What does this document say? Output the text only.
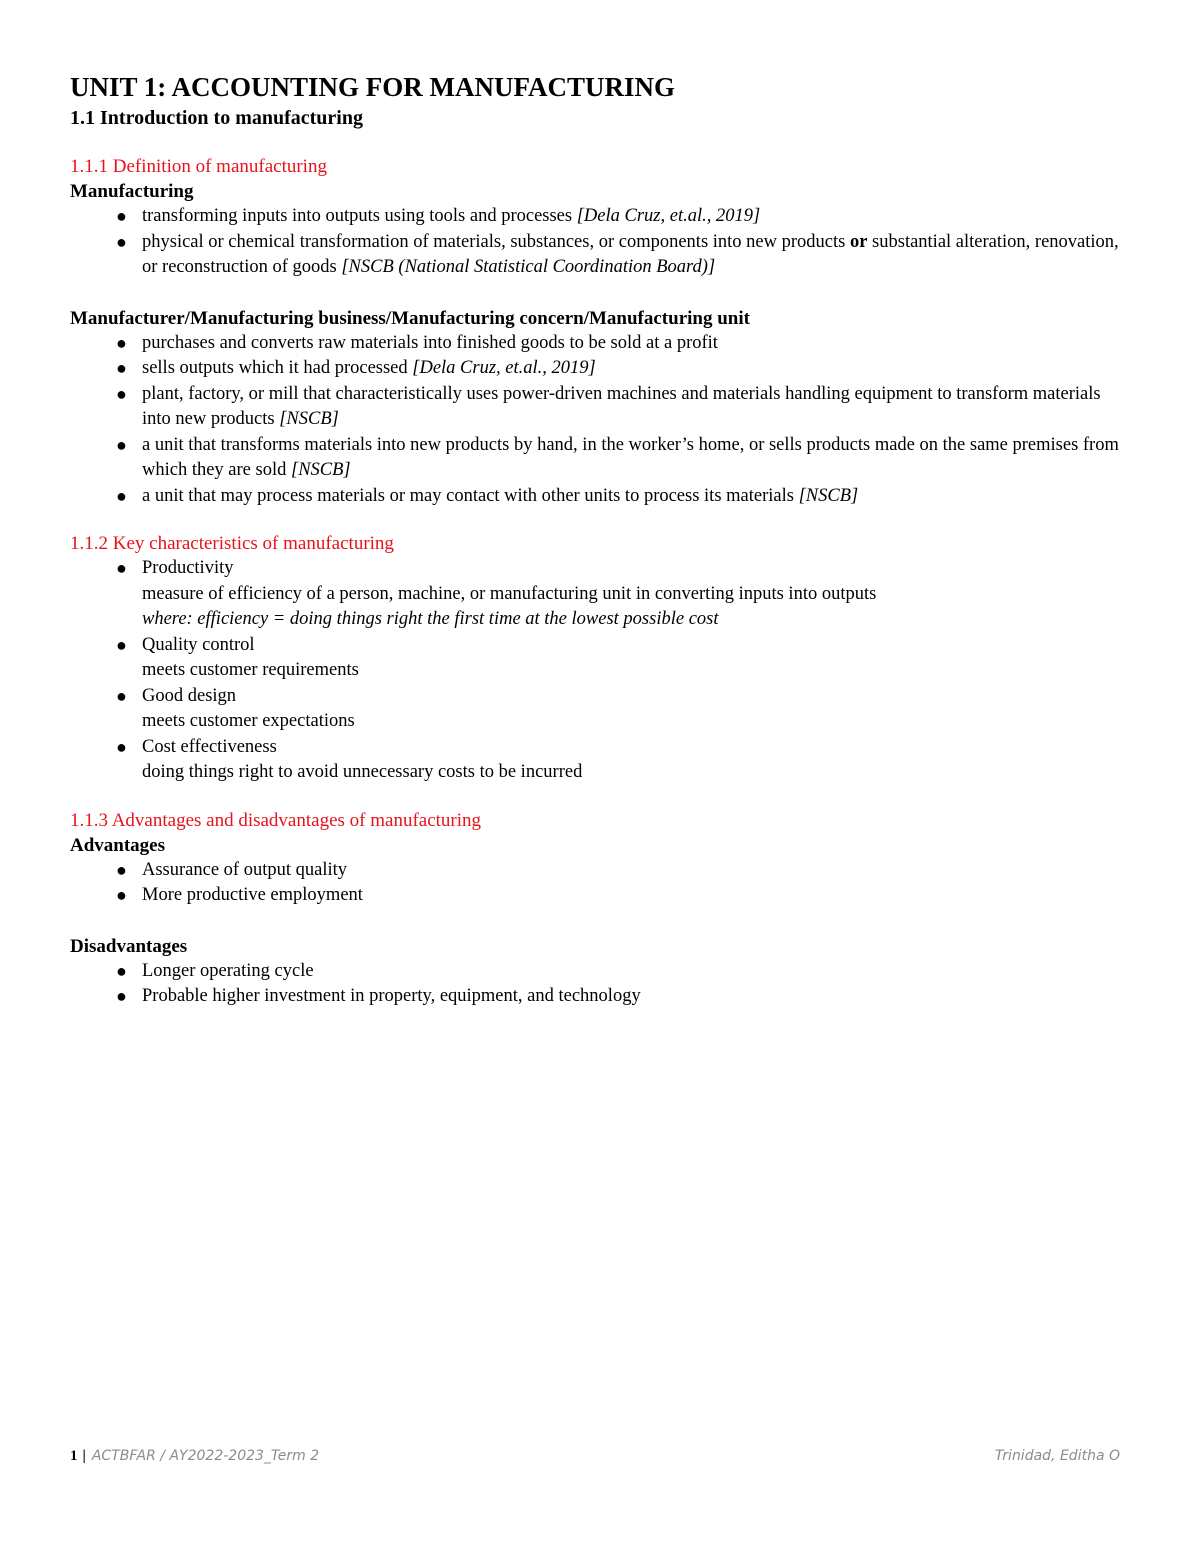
UNIT 1: ACCOUNTING FOR MANUFACTURING
1.1 Introduction to manufacturing
1.1.1 Definition of manufacturing
Manufacturing
● transforming inputs into outputs using tools and processes [Dela Cruz, et.al., 2019]
● physical or chemical transformation of materials, substances, or components into new products or substantial alteration, renovation, or reconstruction of goods [NSCB (National Statistical Coordination Board)]
Manufacturer/Manufacturing business/Manufacturing concern/Manufacturing unit
● purchases and converts raw materials into finished goods to be sold at a profit
● sells outputs which it had processed [Dela Cruz, et.al., 2019]
● plant, factory, or mill that characteristically uses power-driven machines and materials handling equipment to transform materials into new products [NSCB]
● a unit that transforms materials into new products by hand, in the worker’s home, or sells products made on the same premises from which they are sold [NSCB]
● a unit that may process materials or may contact with other units to process its materials [NSCB]
1.1.2 Key characteristics of manufacturing
● Productivity
measure of efficiency of a person, machine, or manufacturing unit in converting inputs into outputs
where: efficiency = doing things right the first time at the lowest possible cost
● Quality control
meets customer requirements
● Good design
meets customer expectations
● Cost effectiveness
doing things right to avoid unnecessary costs to be incurred
1.1.3 Advantages and disadvantages of manufacturing
Advantages
● Assurance of output quality
● More productive employment
Disadvantages
● Longer operating cycle
● Probable higher investment in property, equipment, and technology
1 | ACTBFAR / AY2022-2023_Term 2	Trinidad, Editha O
